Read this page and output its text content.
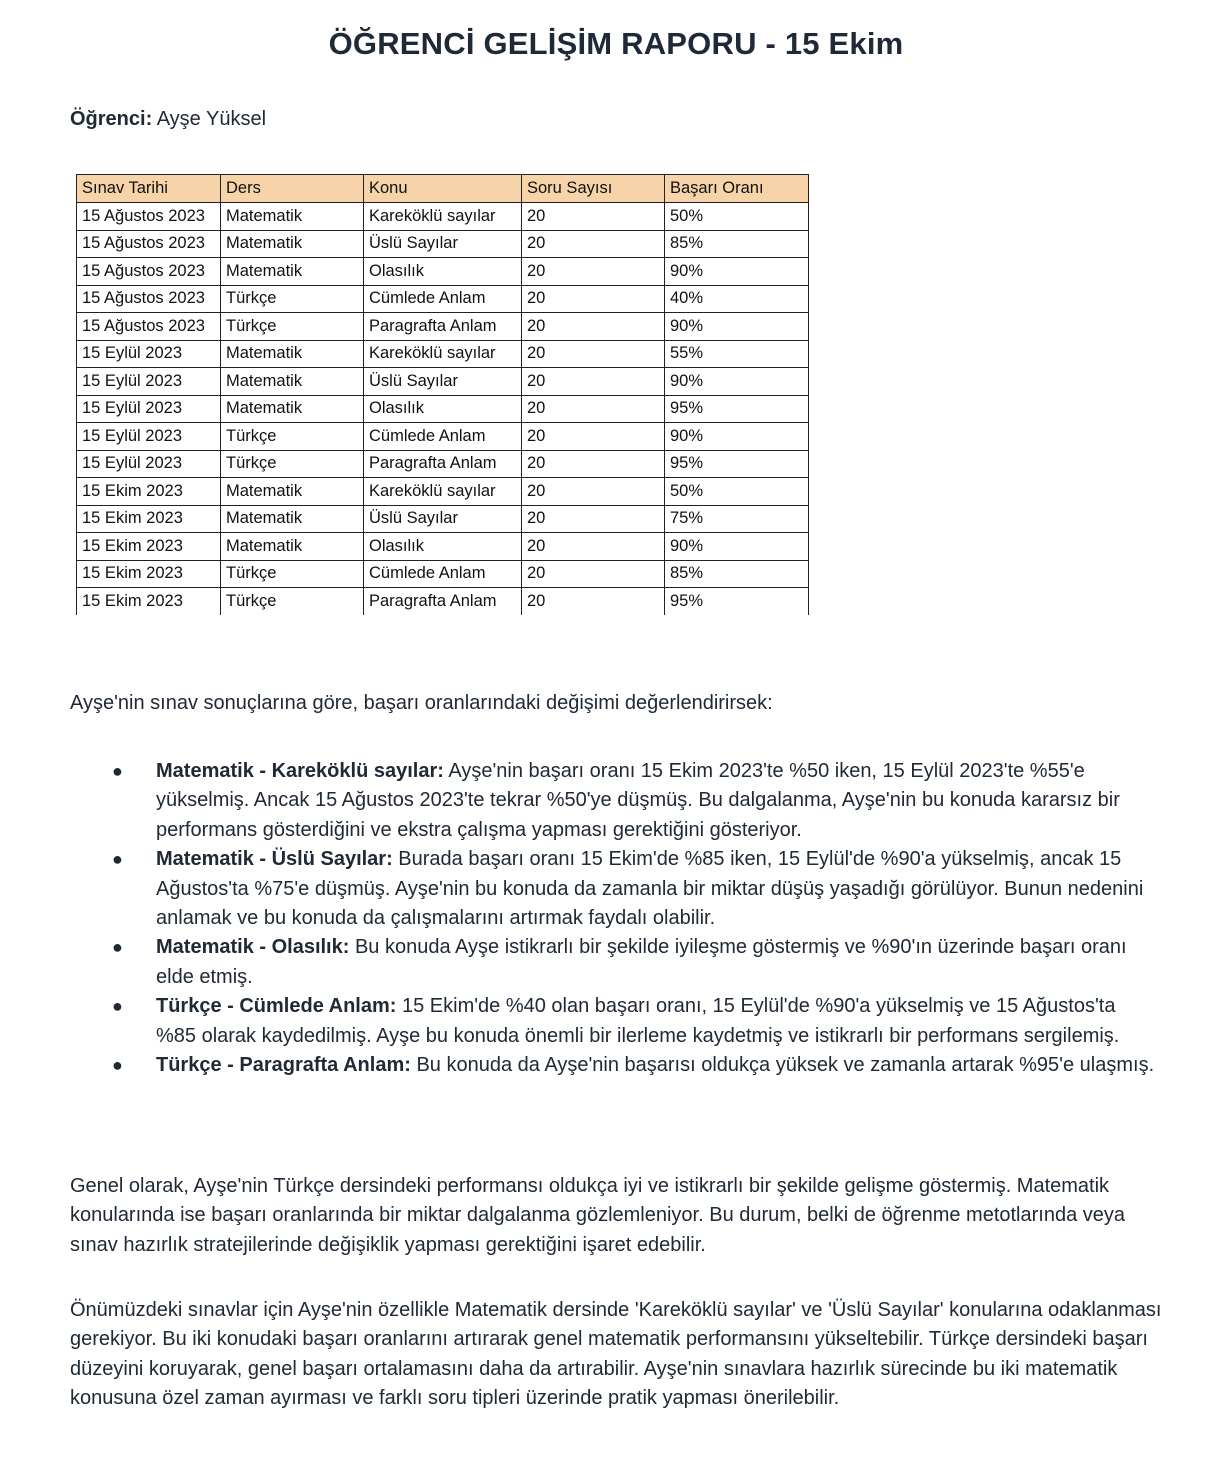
ÖĞRENCİ GELİŞİM RAPORU - 15 Ekim

Öğrenci: Ayşe Yüksel

Sınav Tarihi	Ders	Konu	Soru Sayısı	Başarı Oranı
15 Ağustos 2023	Matematik	Kareköklü sayılar	20	50%
15 Ağustos 2023	Matematik	Üslü Sayılar	20	85%
15 Ağustos 2023	Matematik	Olasılık	20	90%
15 Ağustos 2023	Türkçe	Cümlede Anlam	20	40%
15 Ağustos 2023	Türkçe	Paragrafta Anlam	20	90%
15 Eylül 2023	Matematik	Kareköklü sayılar	20	55%
15 Eylül 2023	Matematik	Üslü Sayılar	20	90%
15 Eylül 2023	Matematik	Olasılık	20	95%
15 Eylül 2023	Türkçe	Cümlede Anlam	20	90%
15 Eylül 2023	Türkçe	Paragrafta Anlam	20	95%
15 Ekim 2023	Matematik	Kareköklü sayılar	20	50%
15 Ekim 2023	Matematik	Üslü Sayılar	20	75%
15 Ekim 2023	Matematik	Olasılık	20	90%
15 Ekim 2023	Türkçe	Cümlede Anlam	20	85%
15 Ekim 2023	Türkçe	Paragrafta Anlam	20	95%

Ayşe'nin sınav sonuçlarına göre, başarı oranlarındaki değişimi değerlendirirsek:

● Matematik - Kareköklü sayılar: Ayşe'nin başarı oranı 15 Ekim 2023'te %50 iken, 15 Eylül 2023'te %55'e yükselmiş. Ancak 15 Ağustos 2023'te tekrar %50'ye düşmüş. Bu dalgalanma, Ayşe'nin bu konuda kararsız bir performans gösterdiğini ve ekstra çalışma yapması gerektiğini gösteriyor.
● Matematik - Üslü Sayılar: Burada başarı oranı 15 Ekim'de %85 iken, 15 Eylül'de %90'a yükselmiş, ancak 15 Ağustos'ta %75'e düşmüş. Ayşe'nin bu konuda da zamanla bir miktar düşüş yaşadığı görülüyor. Bunun nedenini anlamak ve bu konuda da çalışmalarını artırmak faydalı olabilir.
● Matematik - Olasılık: Bu konuda Ayşe istikrarlı bir şekilde iyileşme göstermiş ve %90'ın üzerinde başarı oranı elde etmiş.
● Türkçe - Cümlede Anlam: 15 Ekim'de %40 olan başarı oranı, 15 Eylül'de %90'a yükselmiş ve 15 Ağustos'ta %85 olarak kaydedilmiş. Ayşe bu konuda önemli bir ilerleme kaydetmiş ve istikrarlı bir performans sergilemiş.
● Türkçe - Paragrafta Anlam: Bu konuda da Ayşe'nin başarısı oldukça yüksek ve zamanla artarak %95'e ulaşmış.

Genel olarak, Ayşe'nin Türkçe dersindeki performansı oldukça iyi ve istikrarlı bir şekilde gelişme göstermiş. Matematik konularında ise başarı oranlarında bir miktar dalgalanma gözlemleniyor. Bu durum, belki de öğrenme metotlarında veya sınav hazırlık stratejilerinde değişiklik yapması gerektiğini işaret edebilir.

Önümüzdeki sınavlar için Ayşe'nin özellikle Matematik dersinde 'Kareköklü sayılar' ve 'Üslü Sayılar' konularına odaklanması gerekiyor. Bu iki konudaki başarı oranlarını artırarak genel matematik performansını yükseltebilir. Türkçe dersindeki başarı düzeyini koruyarak, genel başarı ortalamasını daha da artırabilir. Ayşe'nin sınavlara hazırlık sürecinde bu iki matematik konusuna özel zaman ayırması ve farklı soru tipleri üzerinde pratik yapması önerilebilir.
